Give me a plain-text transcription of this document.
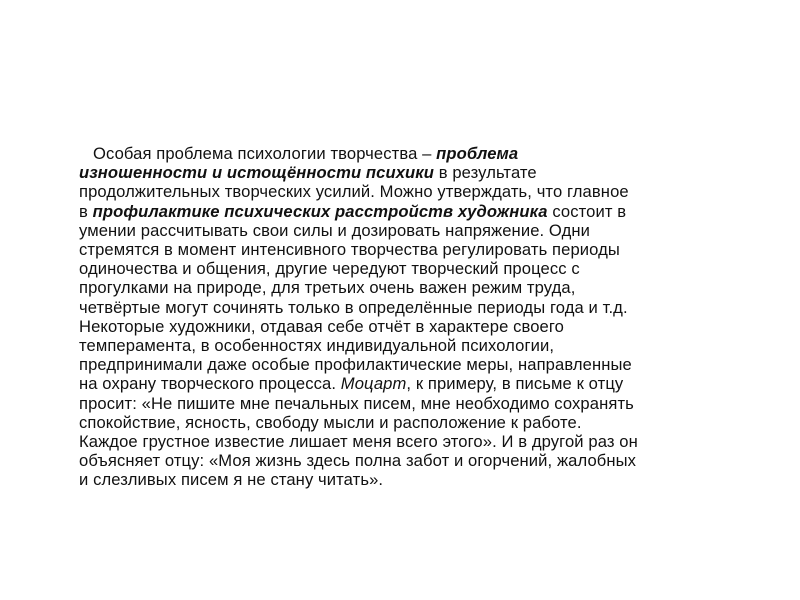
Особая проблема психологии творчества – проблема
изношенности и истощённости психики в результате
продолжительных творческих усилий. Можно утверждать, что главное
в профилактике психических расстройств художника состоит в
умении рассчитывать свои силы и дозировать напряжение. Одни
стремятся в момент интенсивного творчества регулировать периоды
одиночества и общения, другие чередуют творческий процесс с
прогулками на природе, для третьих очень важен режим труда,
четвёртые могут сочинять только в определённые периоды года и т.д.
Некоторые художники, отдавая себе отчёт в характере своего
темперамента, в особенностях индивидуальной психологии,
предпринимали даже особые профилактические меры, направленные
на охрану творческого процесса. Моцарт, к примеру, в письме к отцу
просит: «Не пишите мне печальных писем, мне необходимо сохранять
спокойствие, ясность, свободу мысли и расположение к работе.
Каждое грустное известие лишает меня всего этого». И в другой раз он
объясняет отцу: «Моя жизнь здесь полна забот и огорчений, жалобных
и слезливых писем я не стану читать».
